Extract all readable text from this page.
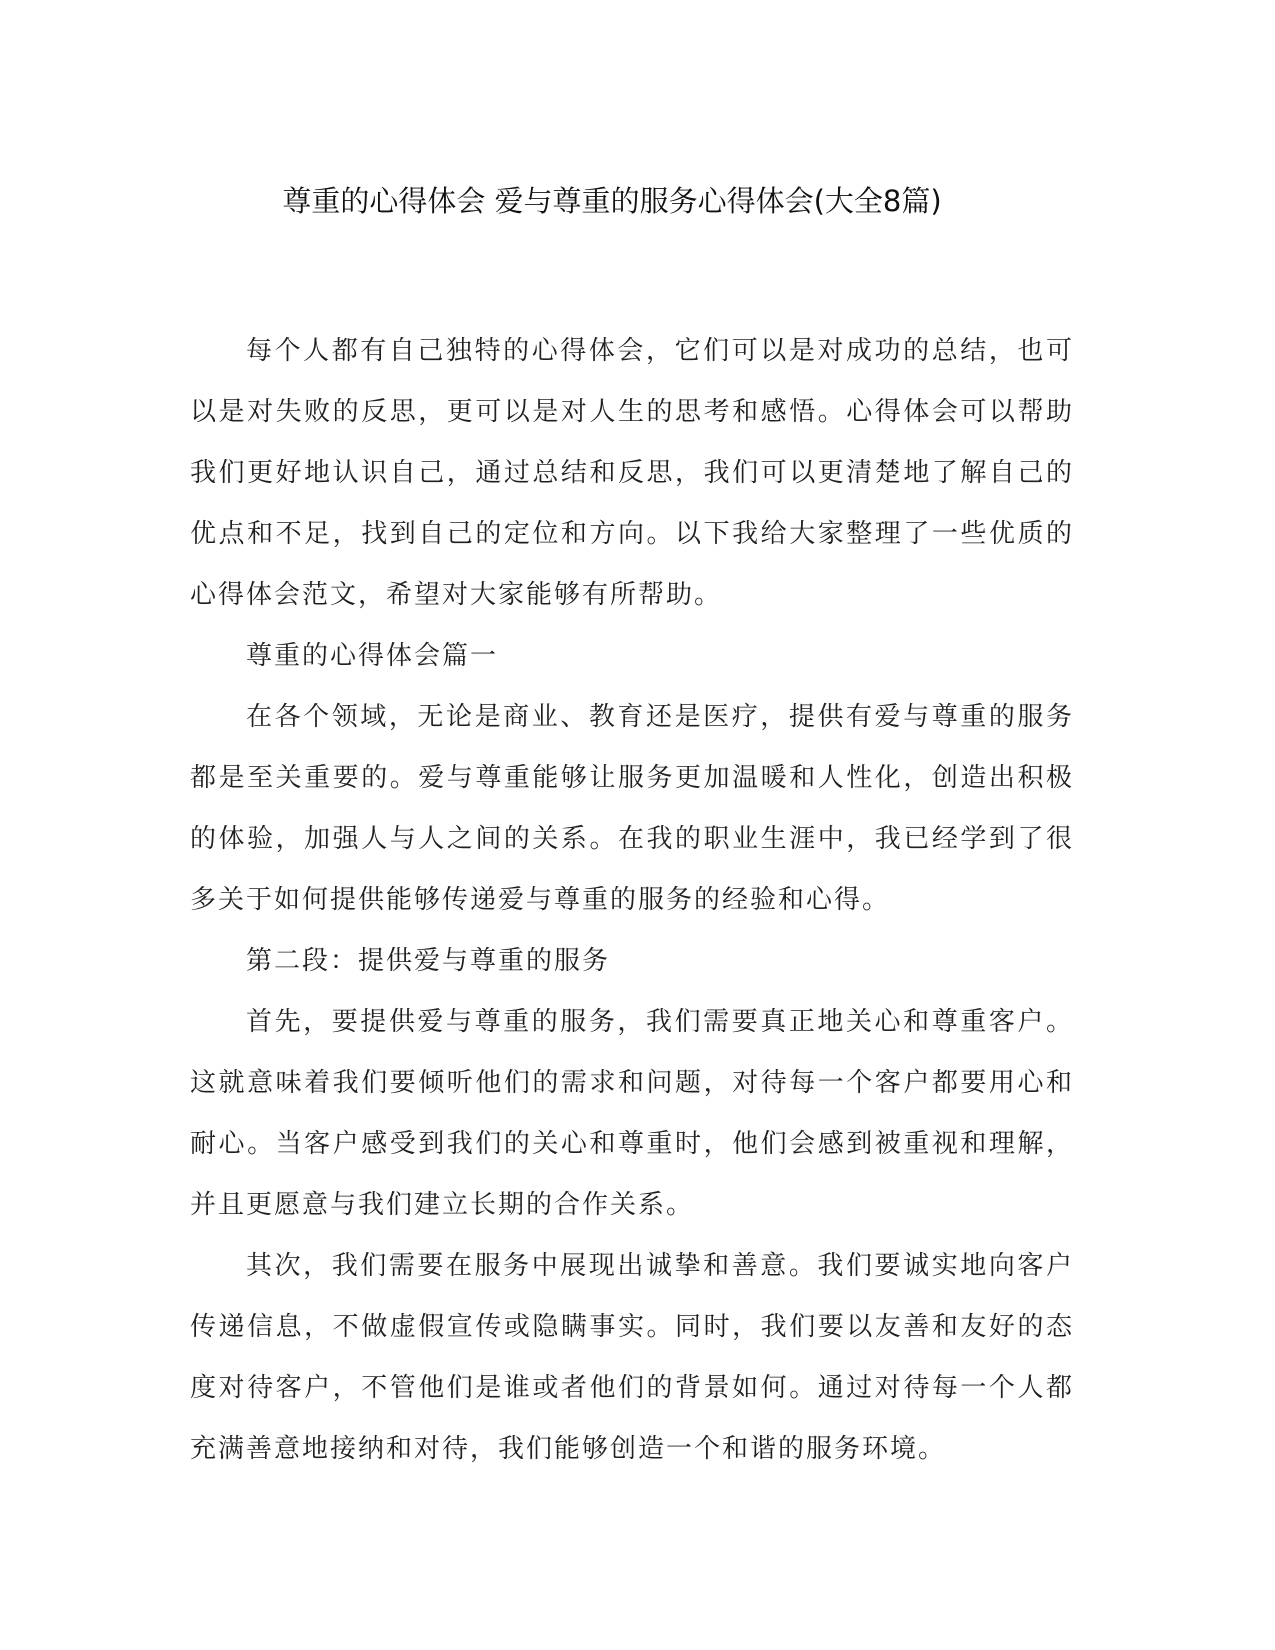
尊重的心得体会 爱与尊重的服务心得体会(大全8篇)

每个人都有自己独特的心得体会，它们可以是对成功的总结，也可以是对失败的反思，更可以是对人生的思考和感悟。心得体会可以帮助我们更好地认识自己，通过总结和反思，我们可以更清楚地了解自己的优点和不足，找到自己的定位和方向。以下我给大家整理了一些优质的心得体会范文，希望对大家能够有所帮助。

尊重的心得体会篇一

在各个领域，无论是商业、教育还是医疗，提供有爱与尊重的服务都是至关重要的。爱与尊重能够让服务更加温暖和人性化，创造出积极的体验，加强人与人之间的关系。在我的职业生涯中，我已经学到了很多关于如何提供能够传递爱与尊重的服务的经验和心得。

第二段：提供爱与尊重的服务

首先，要提供爱与尊重的服务，我们需要真正地关心和尊重客户。这就意味着我们要倾听他们的需求和问题，对待每一个客户都要用心和耐心。当客户感受到我们的关心和尊重时，他们会感到被重视和理解，并且更愿意与我们建立长期的合作关系。

其次，我们需要在服务中展现出诚挚和善意。我们要诚实地向客户传递信息，不做虚假宣传或隐瞒事实。同时，我们要以友善和友好的态度对待客户，不管他们是谁或者他们的背景如何。通过对待每一个人都充满善意地接纳和对待，我们能够创造一个和谐的服务环境。
